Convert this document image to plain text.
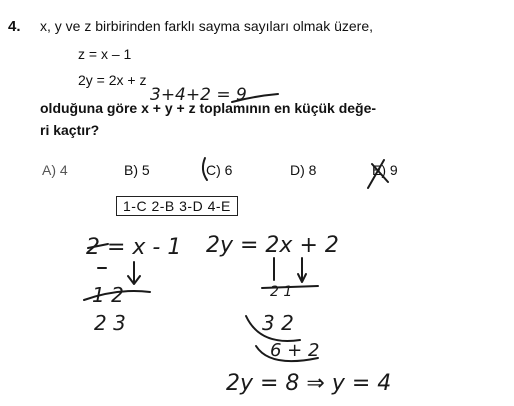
4. x, y ve z birbirinden farklı sayma sayıları olmak üzere,
z = x – 1
2y = 2x + z
olduğuna göre x + y + z toplamının en küçük değe-
ri kaçtır?
A) 4	B) 5	C) 6	D) 8	E) 9
1-C 2-B 3-D 4-E
3+4+2 = 9
2 = x - 1
1 2
2 3
2y = 2x + 2
2 1
3 2
6 + 2
2y = 8 ⇒ y = 4
